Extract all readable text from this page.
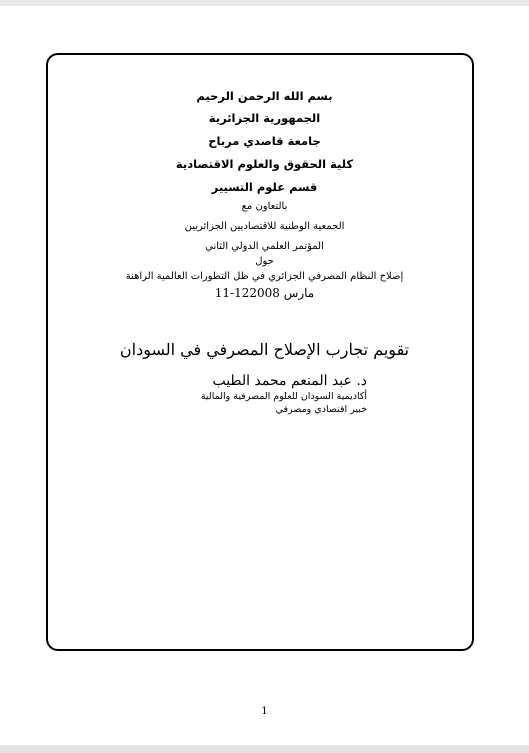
بسم الله الرحمن الرحيم
الجمهورية الجزائرية
جامعة قاصدي مرباح
كلية الحقوق والعلوم الاقتصادية
قسم علوم التسيير
بالتعاون مع
الجمعية الوطنية للاقتصاديين الجزائريين
المؤتمر العلمي الدولي الثاني
حول
إصلاح النظام المصرفي الجزائري في ظل التطورات العالمية الراهنة
11-12مارس 2008
تقويم تجارب الإصلاح المصرفي في السودان
د. عبد المنعم محمد الطيب
أكاديمية السودان للعلوم المصرفية والمالية
خبير اقتصادي ومصرفي
1
